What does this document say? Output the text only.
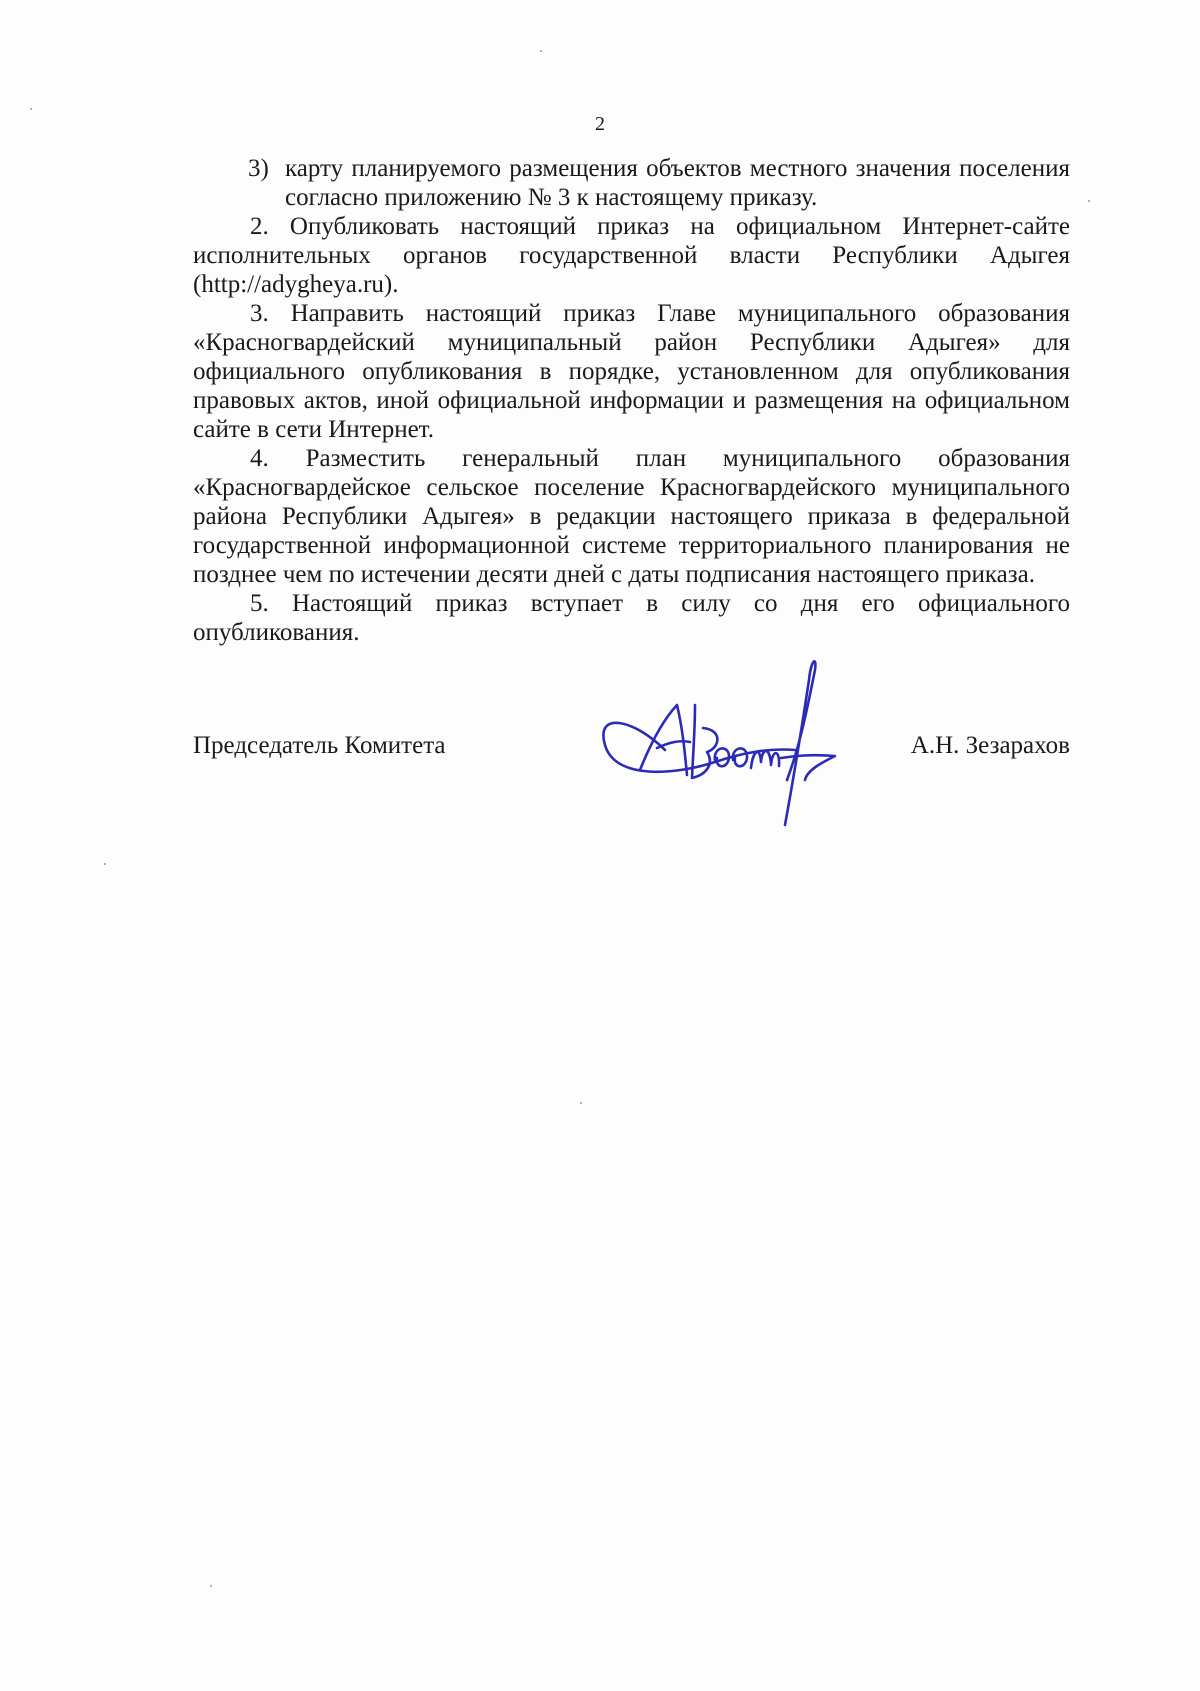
2
3) карту планируемого размещения объектов местного значения поселения согласно приложению № 3 к настоящему приказу.

2. Опубликовать настоящий приказ на официальном Интернет-сайте исполнительных органов государственной власти Республики Адыгея (http://adygheya.ru).

3. Направить настоящий приказ Главе муниципального образования «Красногвардейский муниципальный район Республики Адыгея» для официального опубликования в порядке, установленном для опубликования правовых актов, иной официальной информации и размещения на официальном сайте в сети Интернет.

4. Разместить генеральный план муниципального образования «Красногвардейское сельское поселение Красногвардейского муниципального района Республики Адыгея» в редакции настоящего приказа в федеральной государственной информационной системе территориального планирования не позднее чем по истечении десяти дней с даты подписания настоящего приказа.

5. Настоящий приказ вступает в силу со дня его официального опубликования.

Председатель Комитета	А.Н. Зезарахов
